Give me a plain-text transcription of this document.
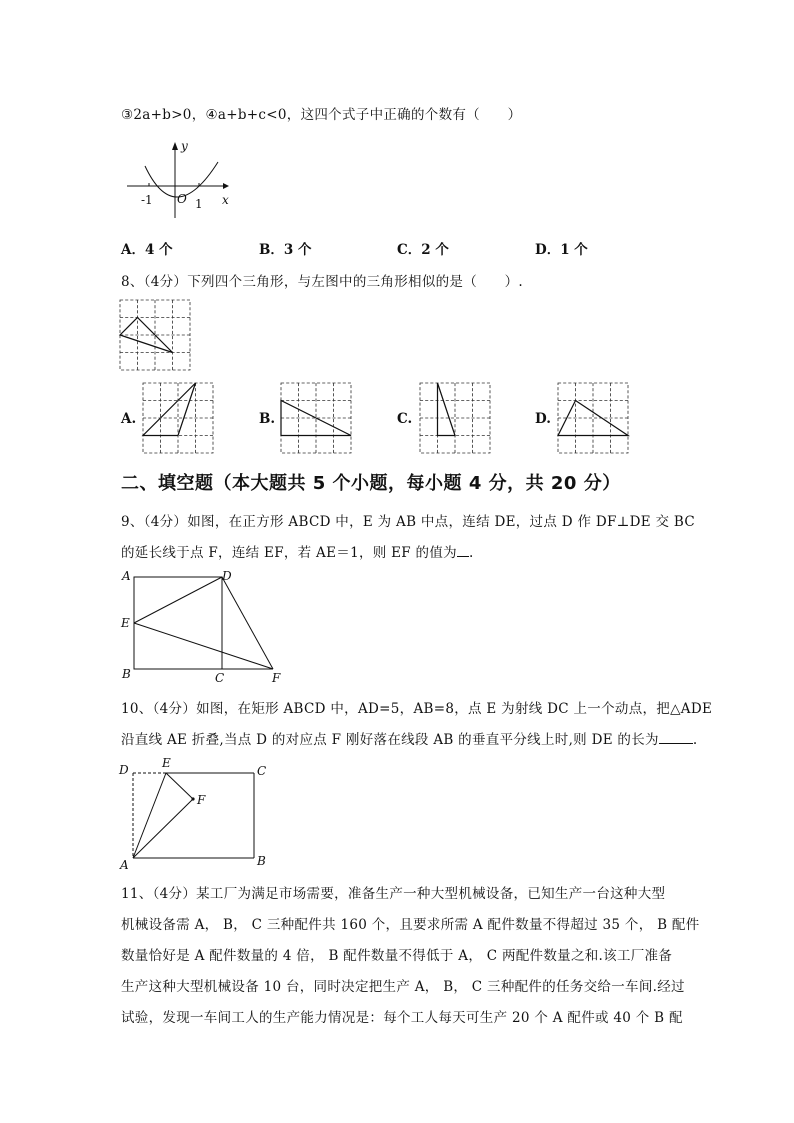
③2a+b>0，④a+b+c<0，这四个式子中正确的个数有（　　）
y
x
O
-1	1
A．4 个	B．3 个	C．2 个	D．1 个
8、（4分）下列四个三角形，与左图中的三角形相似的是（　　）.
A.	B.	C.	D.
二、填空题（本大题共 5 个小题，每小题 4 分，共 20 分）
9、（4分）如图，在正方形 ABCD 中，E 为 AB 中点，连结 DE，过点 D 作 DF⊥DE 交 BC
的延长线于点 F，连结 EF，若 AE＝1，则 EF 的值为 .
A	D
E
B	C	F
10、（4分）如图，在矩形 ABCD 中，AD=5，AB=8，点 E 为射线 DC 上一个动点，把△ADE
沿直线 AE 折叠,当点 D 的对应点 F 刚好落在线段 AB 的垂直平分线上时,则 DE 的长为	.
D	E
C
F
A	B
11、（4分）某工厂为满足市场需要，准备生产一种大型机械设备，已知生产一台这种大型
机械设备需 A， B， C 三种配件共 160 个，且要求所需 A 配件数量不得超过 35 个， B 配件
数量恰好是 A 配件数量的 4 倍， B 配件数量不得低于 A， C 两配件数量之和.该工厂准备
生产这种大型机械设备 10 台，同时决定把生产 A， B， C 三种配件的任务交给一车间.经过
试验，发现一车间工人的生产能力情况是：每个工人每天可生产 20 个 A 配件或 40 个 B 配
